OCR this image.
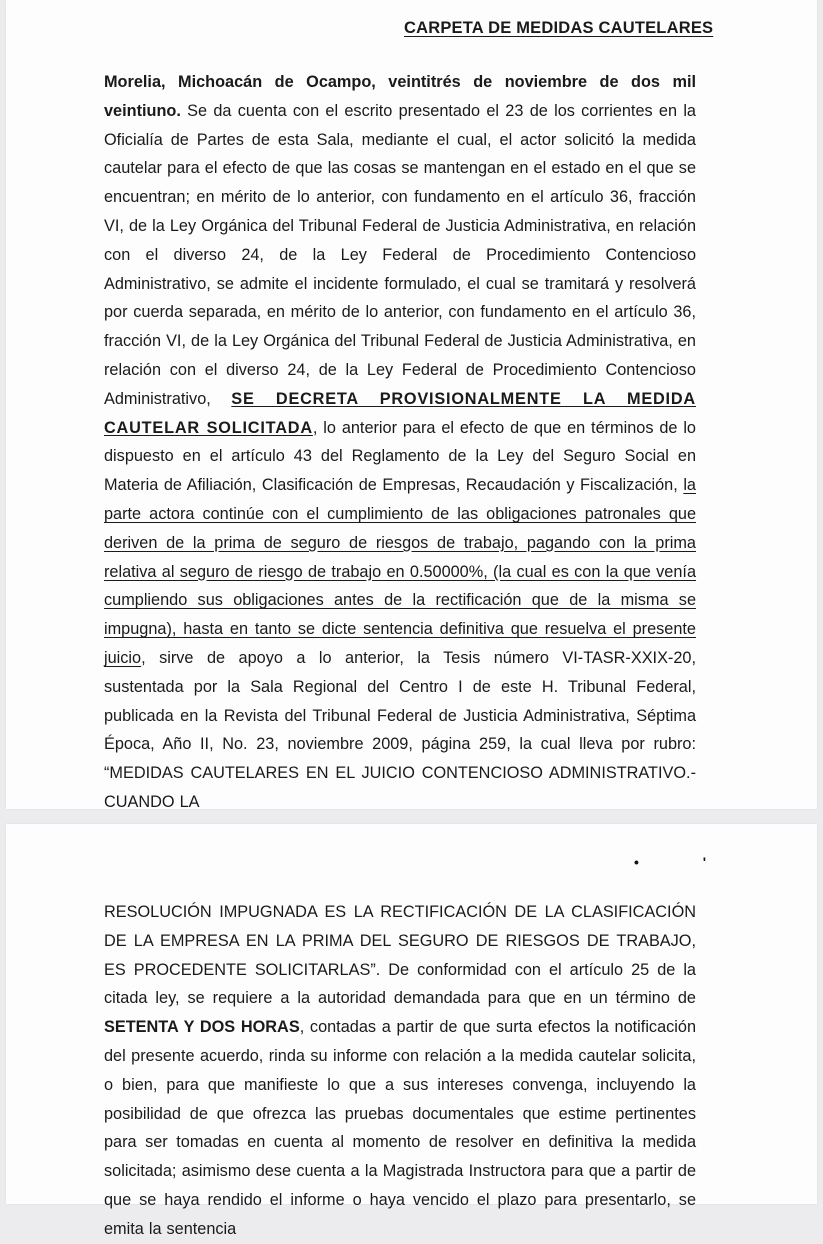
CARPETA DE MEDIDAS CAUTELARES
Morelia, Michoacán de Ocampo, veintitrés de noviembre de dos mil veintiuno. Se da cuenta con el escrito presentado el 23 de los corrientes en la Oficialía de Partes de esta Sala, mediante el cual, el actor solicitó la medida cautelar para el efecto de que las cosas se mantengan en el estado en el que se encuentran; en mérito de lo anterior, con fundamento en el artículo 36, fracción VI, de la Ley Orgánica del Tribunal Federal de Justicia Administrativa, en relación con el diverso 24, de la Ley Federal de Procedimiento Contencioso Administrativo, se admite el incidente formulado, el cual se tramitará y resolverá por cuerda separada, en mérito de lo anterior, con fundamento en el artículo 36, fracción VI, de la Ley Orgánica del Tribunal Federal de Justicia Administrativa, en relación con el diverso 24, de la Ley Federal de Procedimiento Contencioso Administrativo, SE DECRETA PROVISIONALMENTE LA MEDIDA CAUTELAR SOLICITADA, lo anterior para el efecto de que en términos de lo dispuesto en el artículo 43 del Reglamento de la Ley del Seguro Social en Materia de Afiliación, Clasificación de Empresas, Recaudación y Fiscalización, la parte actora continúe con el cumplimiento de las obligaciones patronales que deriven de la prima de seguro de riesgos de trabajo, pagando con la prima relativa al seguro de riesgo de trabajo en 0.50000%, (la cual es con la que venía cumpliendo sus obligaciones antes de la rectificación que de la misma se impugna), hasta en tanto se dicte sentencia definitiva que resuelva el presente juicio, sirve de apoyo a lo anterior, la Tesis número VI-TASR-XXIX-20, sustentada por la Sala Regional del Centro I de este H. Tribunal Federal, publicada en la Revista del Tribunal Federal de Justicia Administrativa, Séptima Época, Año II, No. 23, noviembre 2009, página 259, la cual lleva por rubro: “MEDIDAS CAUTELARES EN EL JUICIO CONTENCIOSO ADMINISTRATIVO.- CUANDO LA
• '
RESOLUCIÓN IMPUGNADA ES LA RECTIFICACIÓN DE LA CLASIFICACIÓN DE LA EMPRESA EN LA PRIMA DEL SEGURO DE RIESGOS DE TRABAJO, ES PROCEDENTE SOLICITARLAS”. De conformidad con el artículo 25 de la citada ley, se requiere a la autoridad demandada para que en un término de SETENTA Y DOS HORAS, contadas a partir de que surta efectos la notificación del presente acuerdo, rinda su informe con relación a la medida cautelar solicita, o bien, para que manifieste lo que a sus intereses convenga, incluyendo la posibilidad de que ofrezca las pruebas documentales que estime pertinentes para ser tomadas en cuenta al momento de resolver en definitiva la medida solicitada; asimismo dese cuenta a la Magistrada Instructora para que a partir de que se haya rendido el informe o haya vencido el plazo para presentarlo, se emita la sentencia
